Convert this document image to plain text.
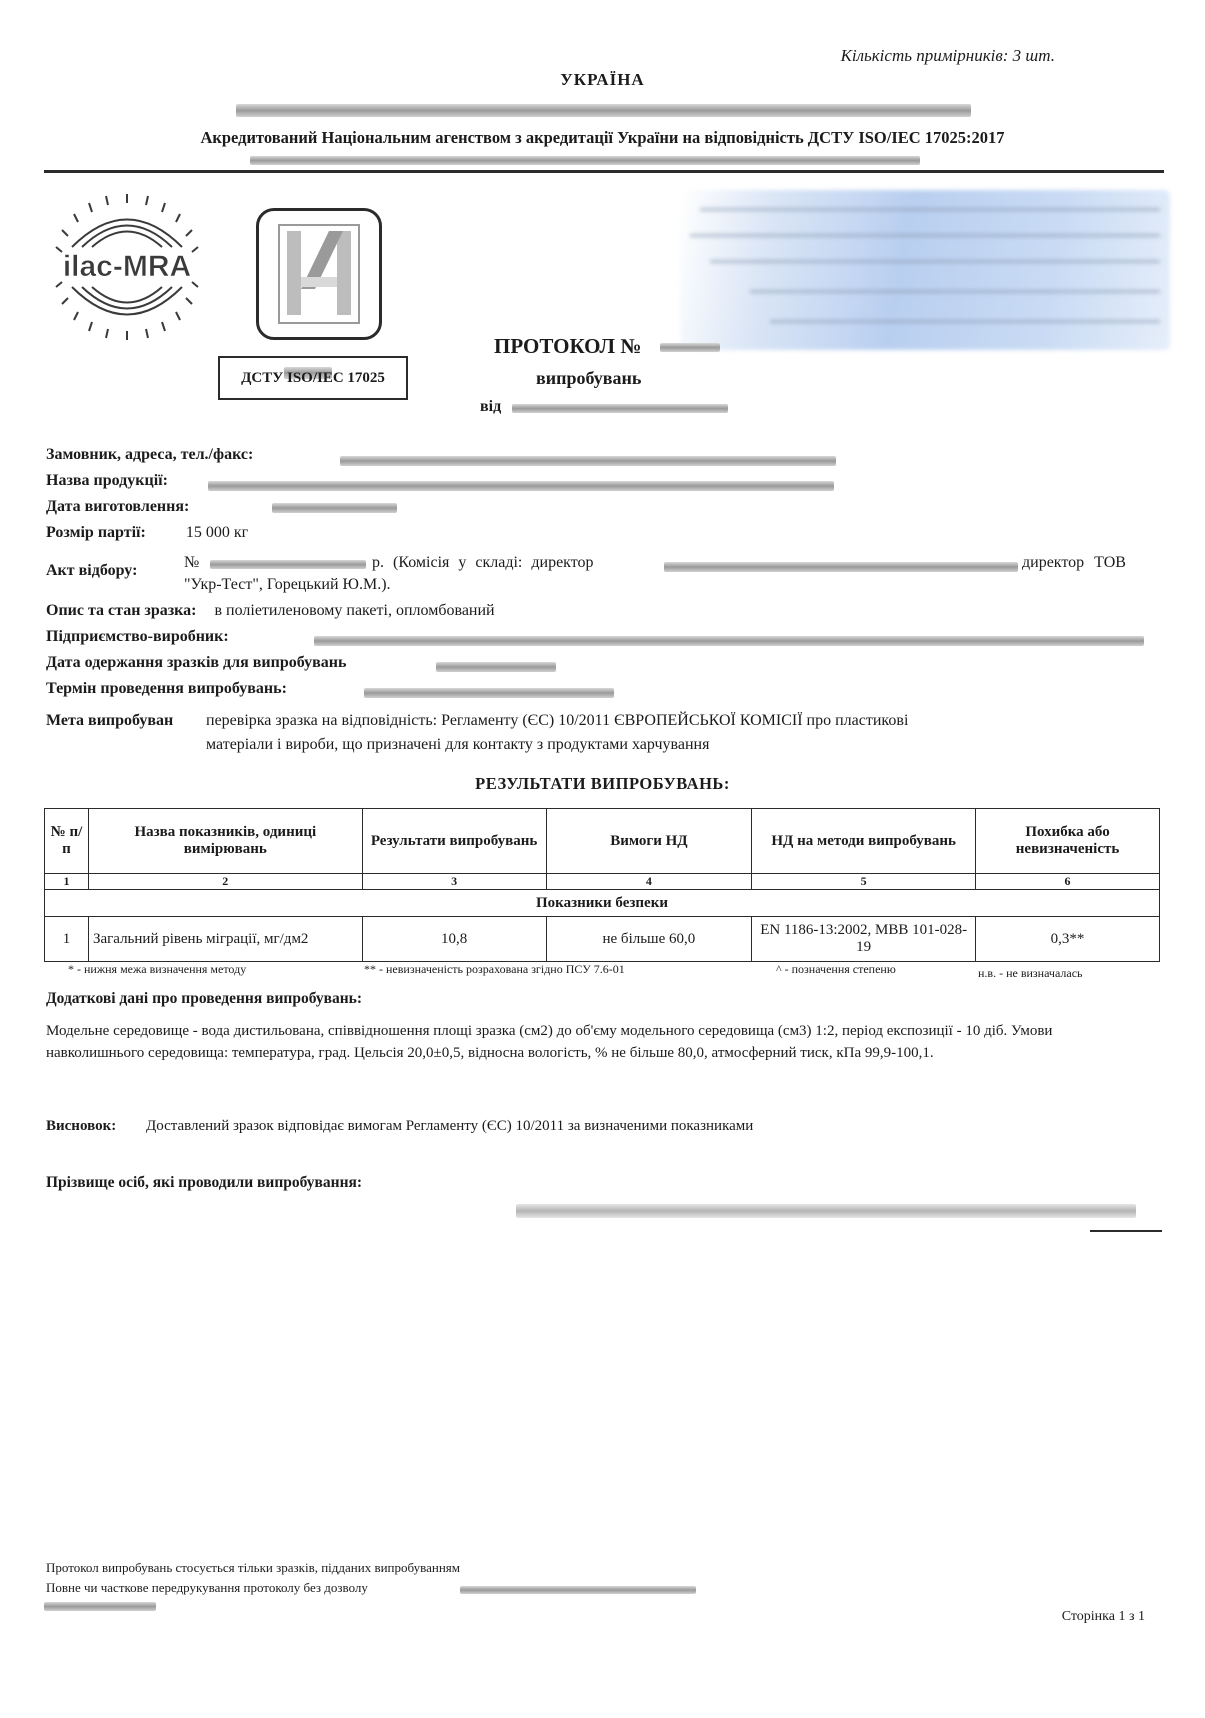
Кількість примірників: 3 шт.
УКРАЇНА
Акредитований Національним агенством з акредитації України на відповідність ДСТУ ISO/IEC 17025:2017
ilac-MRA
ДСТУ ISO/IEC 17025
ПРОТОКОЛ №
випробувань
від
Замовник, адреса, тел./факс:
Назва продукції:
Дата виготовлення:
Розмір партії:	15 000 кг
Акт відбору:	№	р. (Комісія у складі: директор	директор ТОВ
"Укр-Тест", Горецький Ю.М.).
Опис та стан зразка: в поліетиленовому пакеті, опломбований
Підприємство-виробник:
Дата одержання зразків для випробувань
Термін проведення випробувань:
Мета випробуван перевірка зразка на відповідність: Регламенту (ЄС) 10/2011 ЄВРОПЕЙСЬКОЇ КОМІСІЇ про пластикові
матеріали і вироби, що призначені для контакту з продуктами харчування
РЕЗУЛЬТАТИ ВИПРОБУВАНЬ:
№ п/п	Назва показників, одиниці вимірювань	Результати випробувань	Вимоги НД	НД на методи випробувань	Похибка або невизначеність
1	2	3	4	5	6
Показники безпеки					
1	Загальний рівень міграції, мг/дм2	10,8	не більше 60,0	EN 1186-13:2002, МВВ 101-028-19	0,3**
* - нижня межа визначення методу	** - невизначеність розрахована згідно ПСУ 7.6-01	^ - позначення степеню	н.в. - не визначалась
Додаткові дані про проведення випробувань:
Модельне середовище - вода дистильована, співвідношення площі зразка (см2) до об'єму модельного середовища (см3) 1:2, період експозиції - 10 діб. Умови навколишнього середовища: температура, град. Цельсія 20,0±0,5, відносна вологість, % не більше 80,0, атмосферний тиск, кПа 99,9-100,1.
Висновок: Доставлений зразок відповідає вимогам Регламенту (ЄС) 10/2011 за визначеними показниками
Прізвище осіб, які проводили випробування:
Протокол випробувань стосується тільки зразків, підданих випробуванням
Повне чи часткове передрукування протоколу без дозволу
Сторінка 1 з 1
